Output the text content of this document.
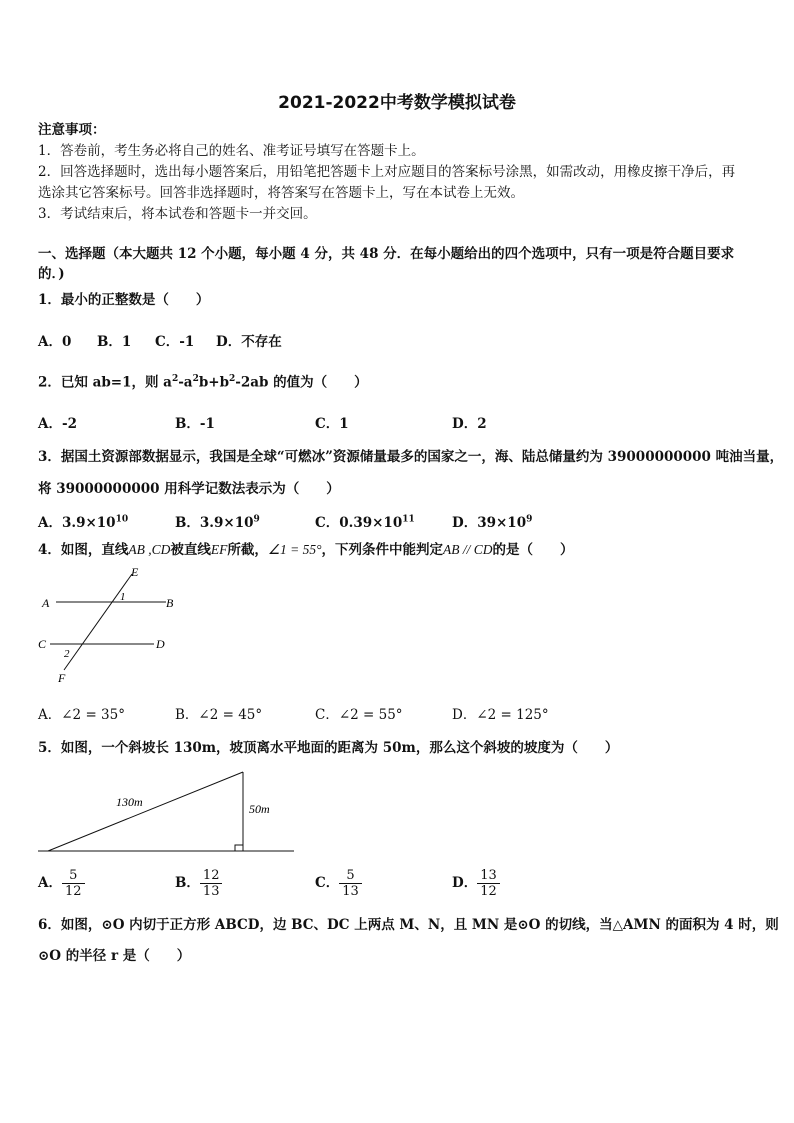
2021-2022中考数学模拟试卷
注意事项：
1．答卷前，考生务必将自己的姓名、准考证号填写在答题卡上。
2．回答选择题时，选出每小题答案后，用铅笔把答题卡上对应题目的答案标号涂黑，如需改动，用橡皮擦干净后，再
选涂其它答案标号。回答非选择题时，将答案写在答题卡上，写在本试卷上无效。
3．考试结束后，将本试卷和答题卡一并交回。
一、选择题（本大题共 12 个小题，每小题 4 分，共 48 分．在每小题给出的四个选项中，只有一项是符合题目要求
的．)
1．最小的正整数是（　　）
A．0 B．1 C．-1 D．不存在
2．已知 ab=1，则 $a^2-a^2b+b^2-2ab$ 的值为（　　）
A．-2	B．-1	C．1	D．2
3．据国土资源部数据显示，我国是全球“可燃冰”资源储量最多的国家之一，海、陆总储量约为 39000000000 吨油当量，
将 39000000000 用科学记数法表示为（　　）
A．$3.9\times 10^{10}$	B．$3.9\times 10^9$	C．$0.39\times 10^{11}$	D．$39\times 10^9$
4．如图，直线AB ,CD被直线EF所截，∠1 = 55°，下列条件中能判定AB // CD的是（　　）
E
A	B
C	D
F
1
2
A．∠2 = 35°	B．∠2 = 45°	C．∠2 = 55°	D．∠2 = 125°
5．如图，一个斜坡长 130m，坡顶离水平地面的距离为 50m，那么这个斜坡的坡度为（　　）
130m	50m
A． $\frac{5}{12}$	B． $\frac{12}{13}$	C． $\frac{5}{13}$	D． $\frac{13}{12}$
6．如图，⊙O 内切于正方形 ABCD，边 BC、DC 上两点 M、N，且 MN 是⊙O 的切线，当△AMN 的面积为 4 时，则
⊙O 的半径 r 是（　　）
